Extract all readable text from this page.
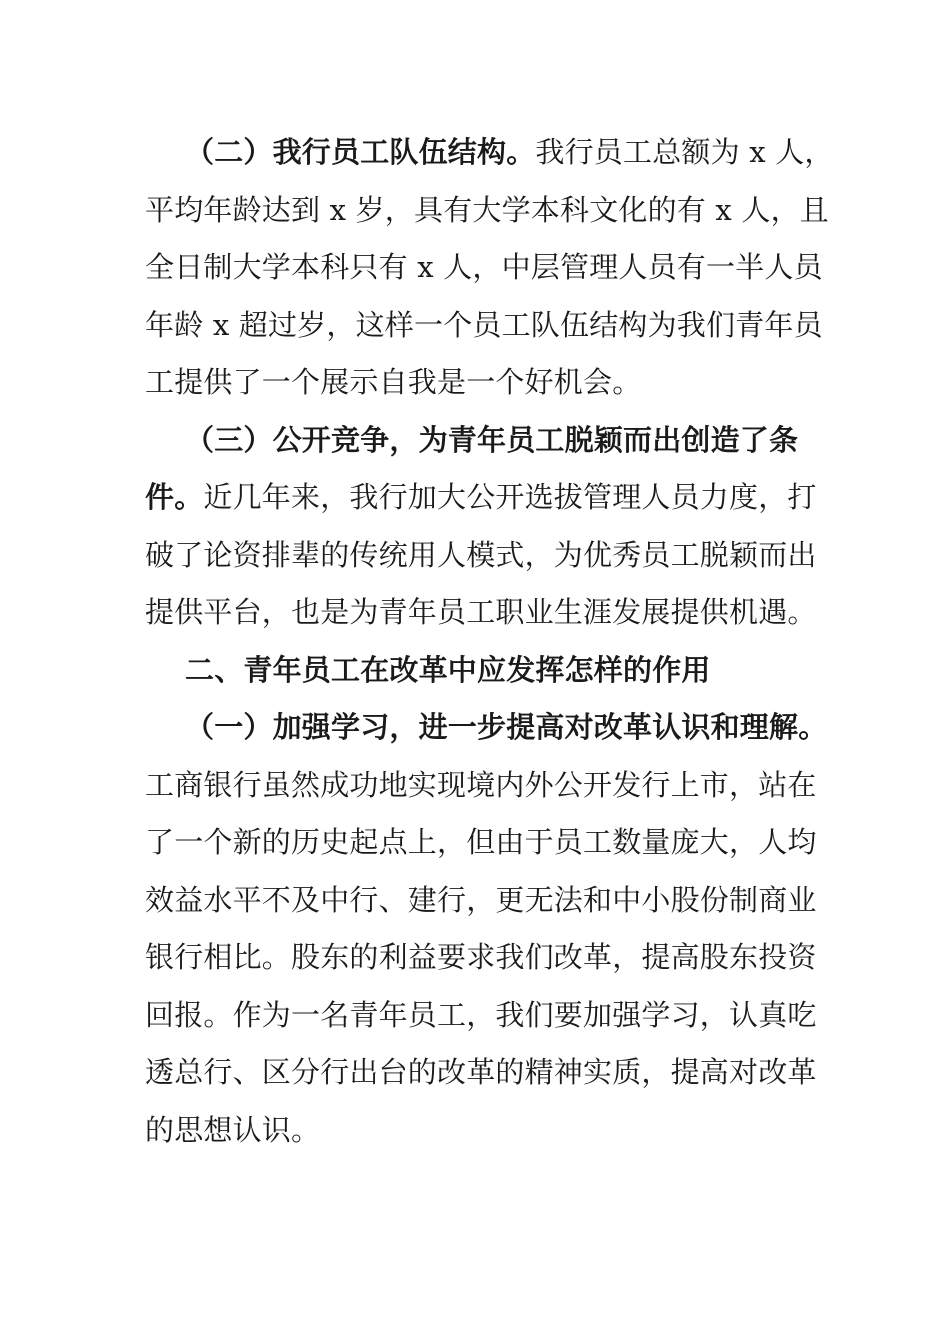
（二）我行员工队伍结构。我行员工总额为 x 人，
平均年龄达到 x 岁，具有大学本科文化的有 x 人，且
全日制大学本科只有 x 人，中层管理人员有一半人员
年龄 x 超过岁，这样一个员工队伍结构为我们青年员
工提供了一个展示自我是一个好机会。
（三）公开竞争，为青年员工脱颖而出创造了条
件。近几年来，我行加大公开选拔管理人员力度，打
破了论资排辈的传统用人模式，为优秀员工脱颖而出
提供平台，也是为青年员工职业生涯发展提供机遇。
二、青年员工在改革中应发挥怎样的作用
（一）加强学习，进一步提高对改革认识和理解。
工商银行虽然成功地实现境内外公开发行上市，站在
了一个新的历史起点上，但由于员工数量庞大，人均
效益水平不及中行、建行，更无法和中小股份制商业
银行相比。股东的利益要求我们改革，提高股东投资
回报。作为一名青年员工，我们要加强学习，认真吃
透总行、区分行出台的改革的精神实质，提高对改革
的思想认识。
